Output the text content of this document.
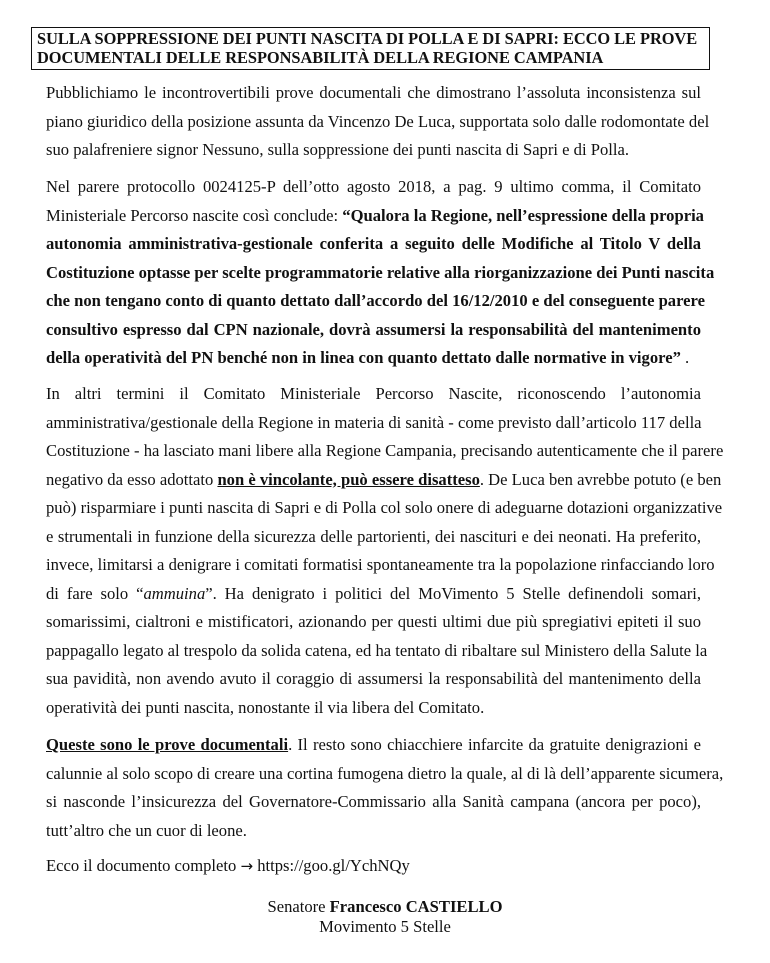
SULLA SOPPRESSIONE DEI PUNTI NASCITA DI POLLA E DI SAPRI: ECCO LE PROVE
DOCUMENTALI DELLE RESPONSABILITÀ DELLA REGIONE CAMPANIA
Pubblichiamo le incontrovertibili prove documentali che dimostrano l’assoluta inconsistenza sul
piano giuridico della posizione assunta da Vincenzo De Luca, supportata solo dalle rodomontate del
suo palafreniere signor Nessuno, sulla soppressione dei punti nascita di Sapri e di Polla.
Nel parere protocollo 0024125-P dell’otto agosto 2018, a pag. 9 ultimo comma, il Comitato
Ministeriale Percorso nascite così conclude: “Qualora la Regione, nell’espressione della propria
autonomia amministrativa-gestionale conferita a seguito delle Modifiche al Titolo V della
Costituzione optasse per scelte programmatorie relative alla riorganizzazione dei Punti nascita
che non tengano conto di quanto dettato dall’accordo del 16/12/2010 e del conseguente parere
consultivo espresso dal CPN nazionale, dovrà assumersi la responsabilità del mantenimento
della operatività del PN benché non in linea con quanto dettato dalle normative in vigore” .
In altri termini il Comitato Ministeriale Percorso Nascite, riconoscendo l’autonomia
amministrativa/gestionale della Regione in materia di sanità - come previsto dall’articolo 117 della
Costituzione - ha lasciato mani libere alla Regione Campania, precisando autenticamente che il parere
negativo da esso adottato non è vincolante, può essere disatteso. De Luca ben avrebbe potuto (e ben
può) risparmiare i punti nascita di Sapri e di Polla col solo onere di adeguarne dotazioni organizzative
e strumentali in funzione della sicurezza delle partorienti, dei nascituri e dei neonati. Ha preferito,
invece, limitarsi a denigrare i comitati formatisi spontaneamente tra la popolazione rinfacciando loro
di fare solo “ammuina”. Ha denigrato i politici del MoVimento 5 Stelle definendoli somari,
somarissimi, cialtroni e mistificatori, azionando per questi ultimi due più spregiativi epiteti il suo
pappagallo legato al trespolo da solida catena, ed ha tentato di ribaltare sul Ministero della Salute la
sua pavidità, non avendo avuto il coraggio di assumersi la responsabilità del mantenimento della
operatività dei punti nascita, nonostante il via libera del Comitato.
Queste sono le prove documentali. Il resto sono chiacchiere infarcite da gratuite denigrazioni e
calunnie al solo scopo di creare una cortina fumogena dietro la quale, al di là dell’apparente sicumera,
si nasconde l’insicurezza del Governatore-Commissario alla Sanità campana (ancora per poco),
tutt’altro che un cuor di leone.
Ecco il documento completo → https://goo.gl/YchNQy
Senatore Francesco CASTIELLO
Movimento 5 Stelle
